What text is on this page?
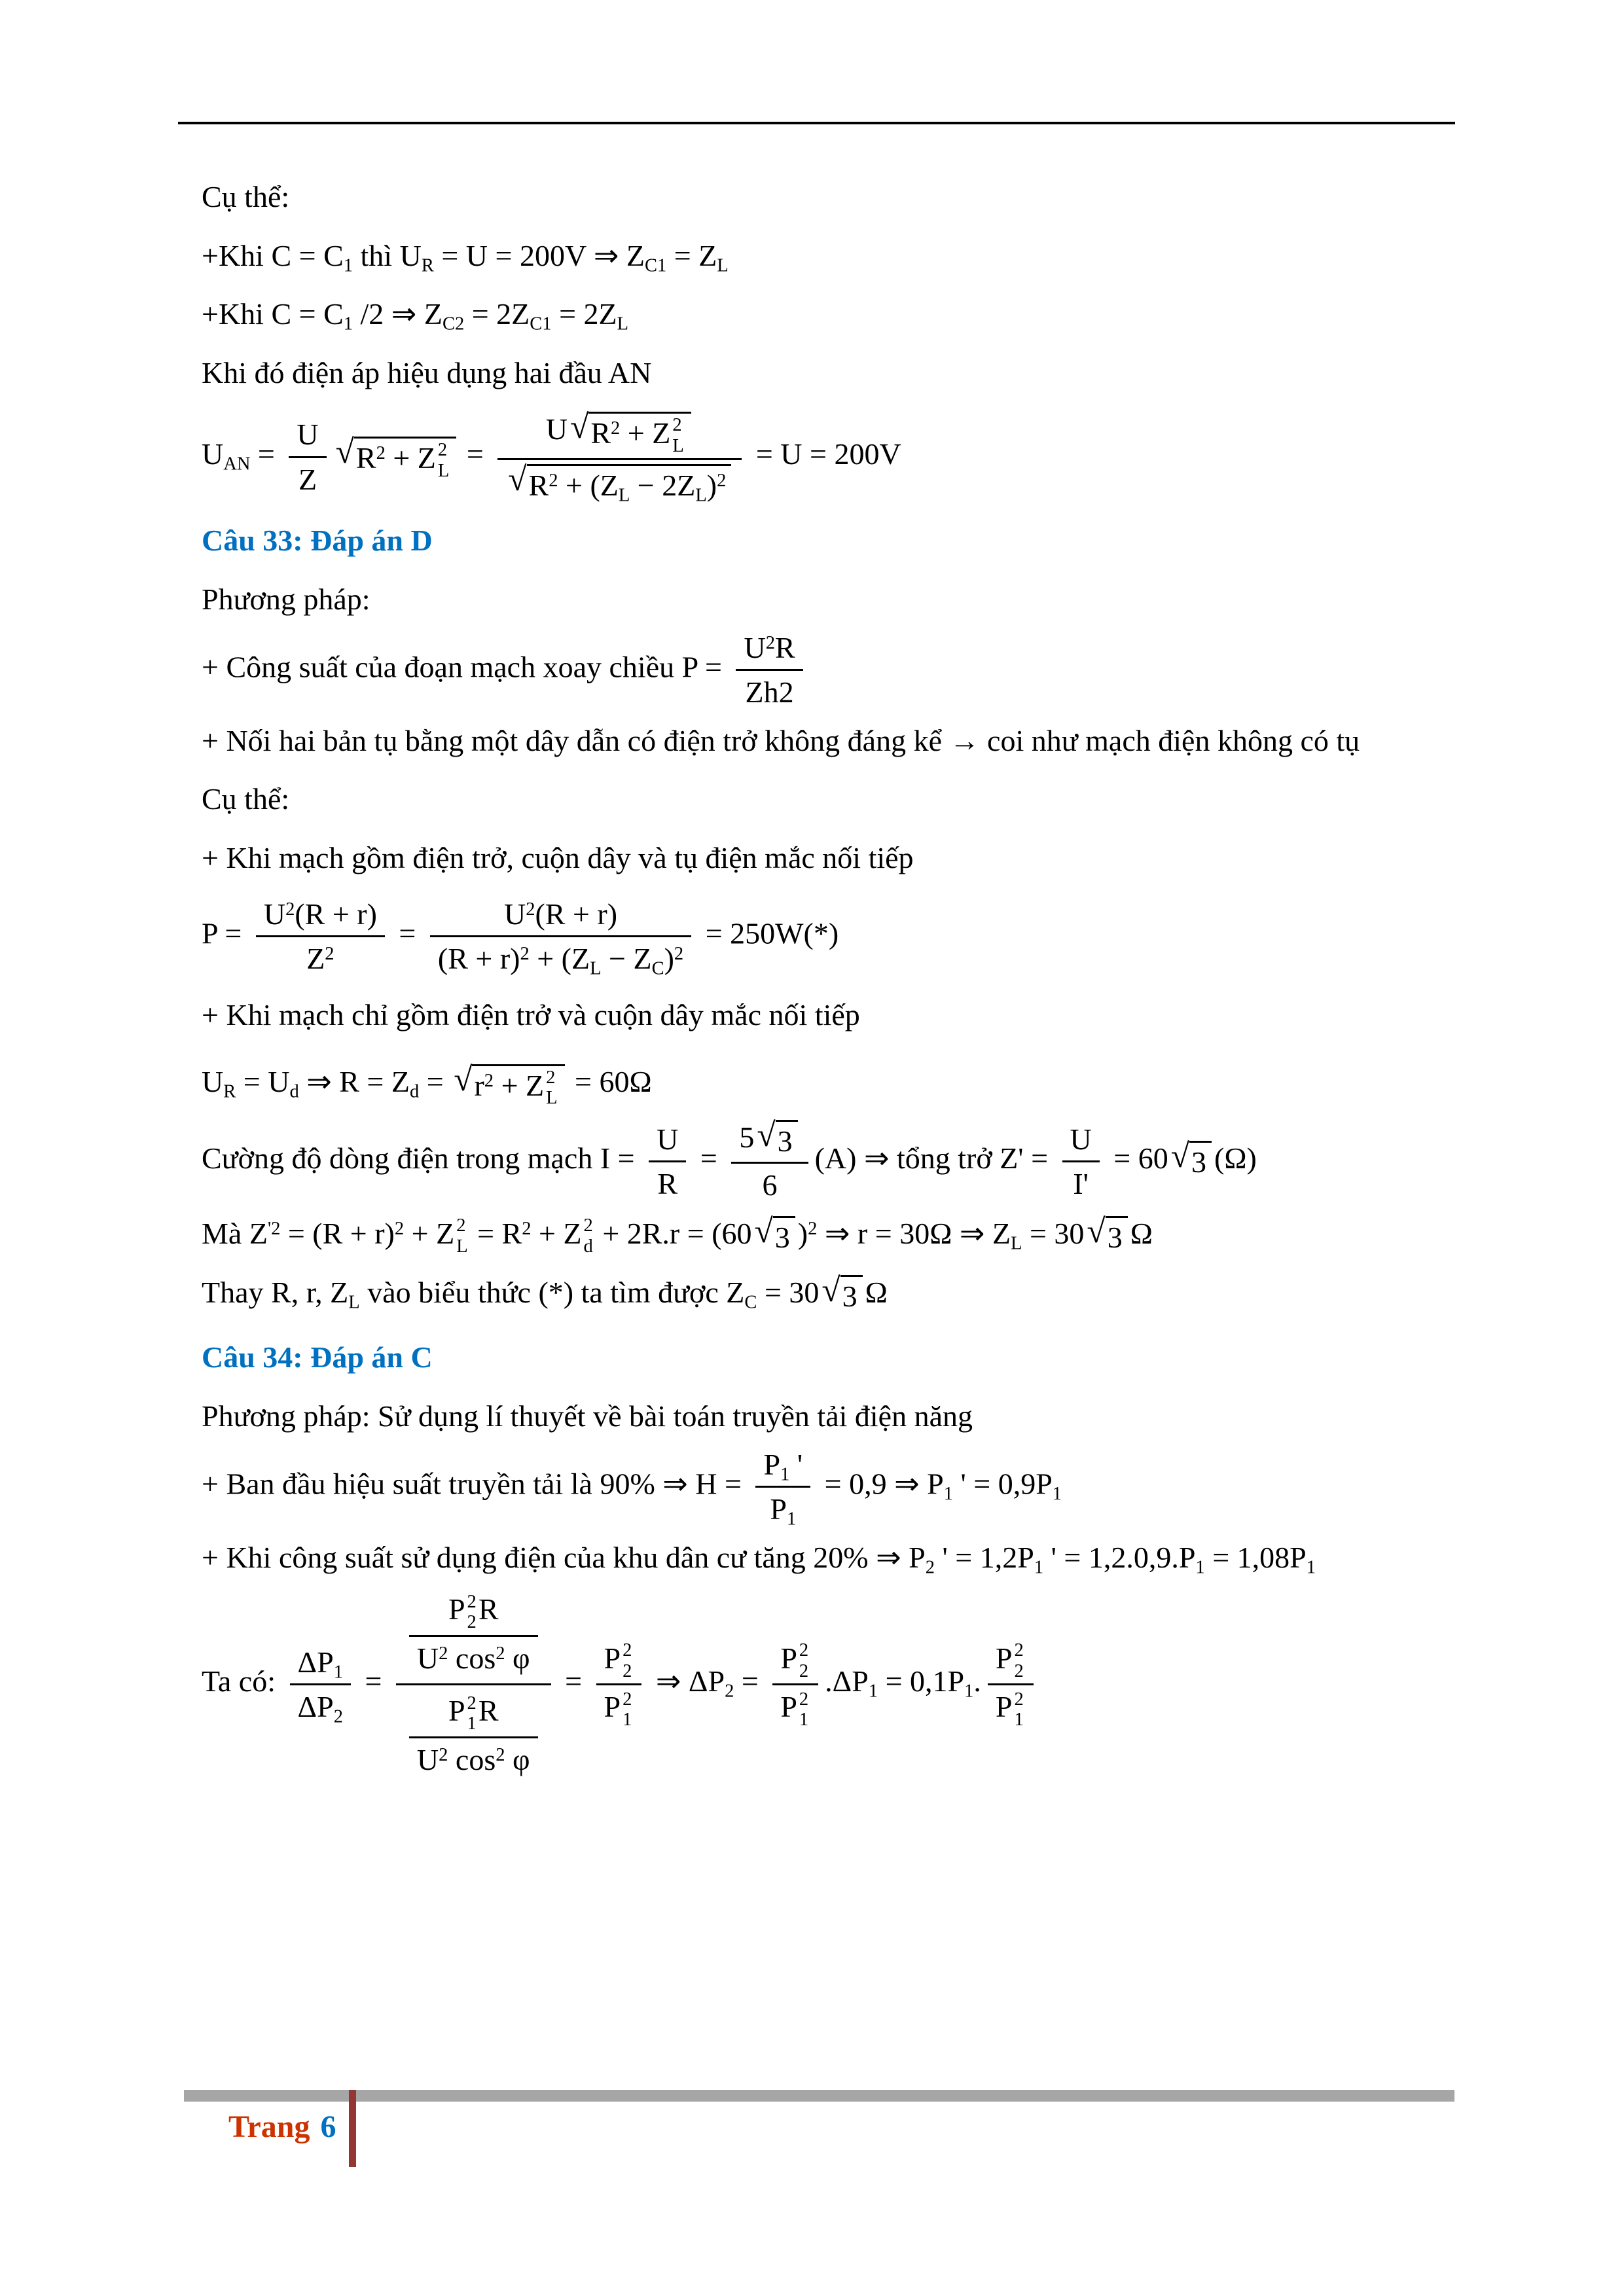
Cụ thể:
+Khi $C = C_1$ thì $U_R = U = 200V$ ⇒ $Z_{C1} = Z_L$
+Khi $C = C_1$ /2 ⇒ $Z_{C2} = 2Z_{C1} = 2Z_L$
Khi đó điện áp hiệu dụng hai đầu AN
$U_{AN} = \frac{U}{Z}$ √ $R^2 + Z$ 2
L
= U √ $R^2 + Z$ 2
L
√ $R^2 + (Z_L - 2Z_L)^2 = U = 200V$
Câu 33: Đáp án D
Phương pháp:
+ Công suất của đoạn mạch xoay chiều $P = \frac{U^2R}{Zh2}$
+ Nối hai bản tụ bằng một dây dẫn có điện trở không đáng kể → coi như mạch điện không có tụ
Cụ thể:
+ Khi mạch gồm điện trở, cuộn dây và tụ điện mắc nối tiếp
$P = \frac{U^2(R + r)}{Z^2} = \frac{U^2(R + r)}{(R + r)^2 + (Z_L - Z_C)^2} = 250W(*)$
+ Khi mạch chỉ gồm điện trở và cuộn dây mắc nối tiếp
$U_R = U_d$ ⇒ $R = Z_d$ = √ $r^2 + Z$ 2
L
= 60Ω
Cường độ dòng điện trong mạch $I = \frac{U}{R} = \frac{5 √ 3}{6} (A)$ ⇒ tổng trở $Z' = \frac{U}{I'} = 60$ √ 3 (Ω)
Mà $Z^{'2} = (R + r)^2 + Z$ 2
$L = R^2 + Z$ 2
d + 2R.r = (60 √ 3 )$^2$ ⇒ r = 30Ω ⇒ $Z_L = 30$ √ 3 Ω
Thay R, r, $Z_L$ vào biểu thức (*) ta tìm được $Z_C = 30$ √ 3 Ω
Câu 34: Đáp án C
Phương pháp: Sử dụng lí thuyết về bài toán truyền tải điện năng
+ Ban đầu hiệu suất truyền tải là 90% ⇒ $H = \frac{P_1 '}{P_1} = 0,9$ ⇒ $P_1$ ' = $0,9P_1$
+ Khi công suất sử dụng điện của khu dân cư tăng 20% ⇒ $P_2$ ' = $1,2P_1$ ' = $1,2.0,9.P_1 = 1,08P_1$
Ta có: $\frac{\Delta P_1}{\Delta P_2} = P$ 2
2 R
$U^2$ $\cos^2 \varphi$
P 2
1 R
$U^2$ $\cos^2 \varphi = P$ 2
2
P 2
1 ⇒ $\Delta P_2 = P$ 2
2
P 2
1 $.\Delta P_1 = 0,1P_1$. P 2
2
P 2
1
Trang 6
